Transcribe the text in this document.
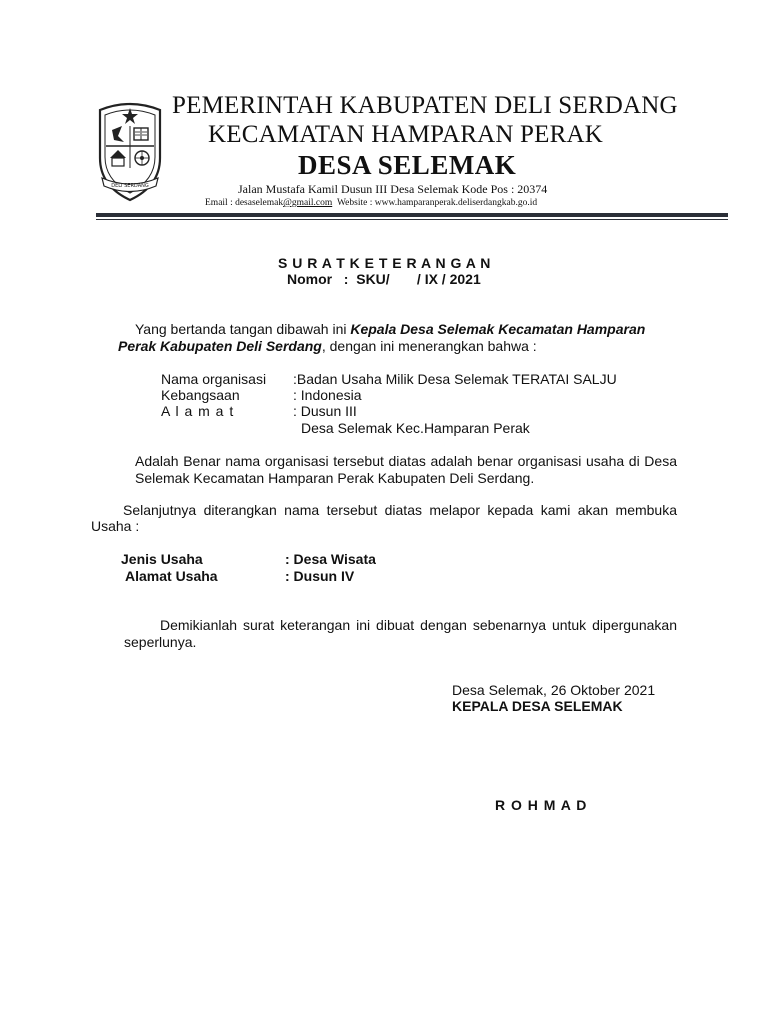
DELI SERDANG
PEMERINTAH KABUPATEN DELI SERDANG
KECAMATAN HAMPARAN PERAK
DESA SELEMAK
Jalan Mustafa Kamil Dusun III Desa Selemak Kode Pos : 20374
Email : desaselemak@gmail.com Website : www.hamparanperak.deliserdangkab.go.id
S U R A T K E T E R A N G A N
Nomor :  SKU/       / IX / 2021
Yang bertanda tangan dibawah ini Kepala Desa Selemak Kecamatan Hamparan
Perak Kabupaten Deli Serdang, dengan ini menerangkan bahwa :
Nama organisasi :Badan Usaha Milik Desa Selemak TERATAI SALJU
Kebangsaan	: Indonesia
A l a m a t	: Dusun III
Desa Selemak Kec.Hamparan Perak
Adalah Benar nama organisasi tersebut diatas adalah benar organisasi usaha di Desa
Selemak Kecamatan Hamparan Perak Kabupaten Deli Serdang.
Selanjutnya diterangkan nama tersebut diatas melapor kepada kami akan membuka
Usaha :
Jenis Usaha	: Desa Wisata
Alamat Usaha	: Dusun IV
Demikianlah surat keterangan ini dibuat dengan sebenarnya untuk dipergunakan
seperlunya.
Desa Selemak, 26 Oktober 2021
KEPALA DESA SELEMAK
R O H M A D
